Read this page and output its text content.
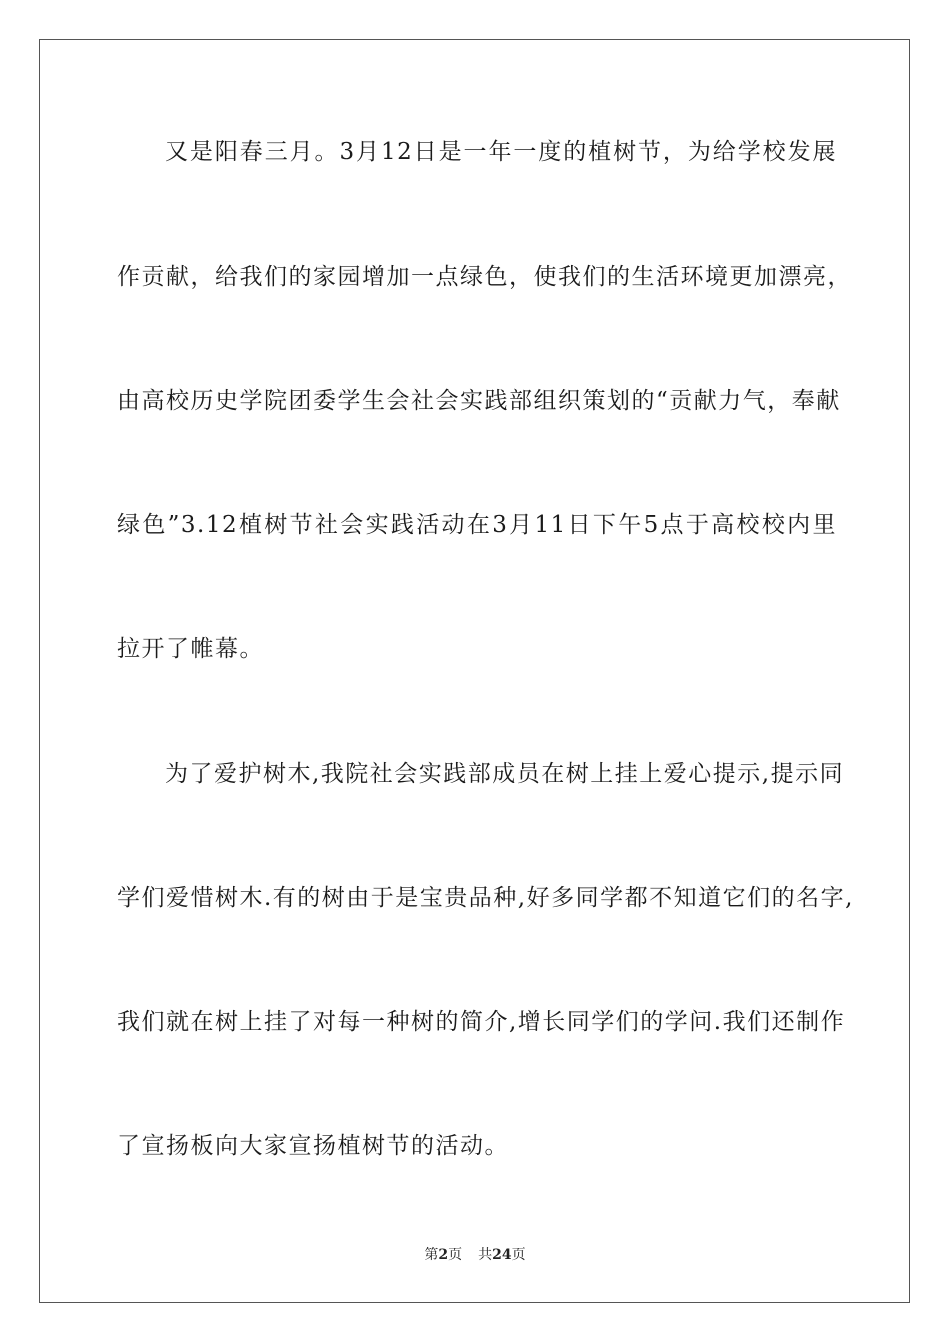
又是阳春三月。3月12日是一年一度的植树节，为给学校发展
作贡献，给我们的家园增加一点绿色，使我们的生活环境更加漂亮，
由高校历史学院团委学生会社会实践部组织策划的“贡献力气，奉献
绿色”3.12植树节社会实践活动在3月11日下午5点于高校校内里
拉开了帷幕。
为了爱护树木,我院社会实践部成员在树上挂上爱心提示,提示同
学们爱惜树木.有的树由于是宝贵品种,好多同学都不知道它们的名字,
我们就在树上挂了对每一种树的简介,增长同学们的学问.我们还制作
了宣扬板向大家宣扬植树节的活动。
第2页 共24页
